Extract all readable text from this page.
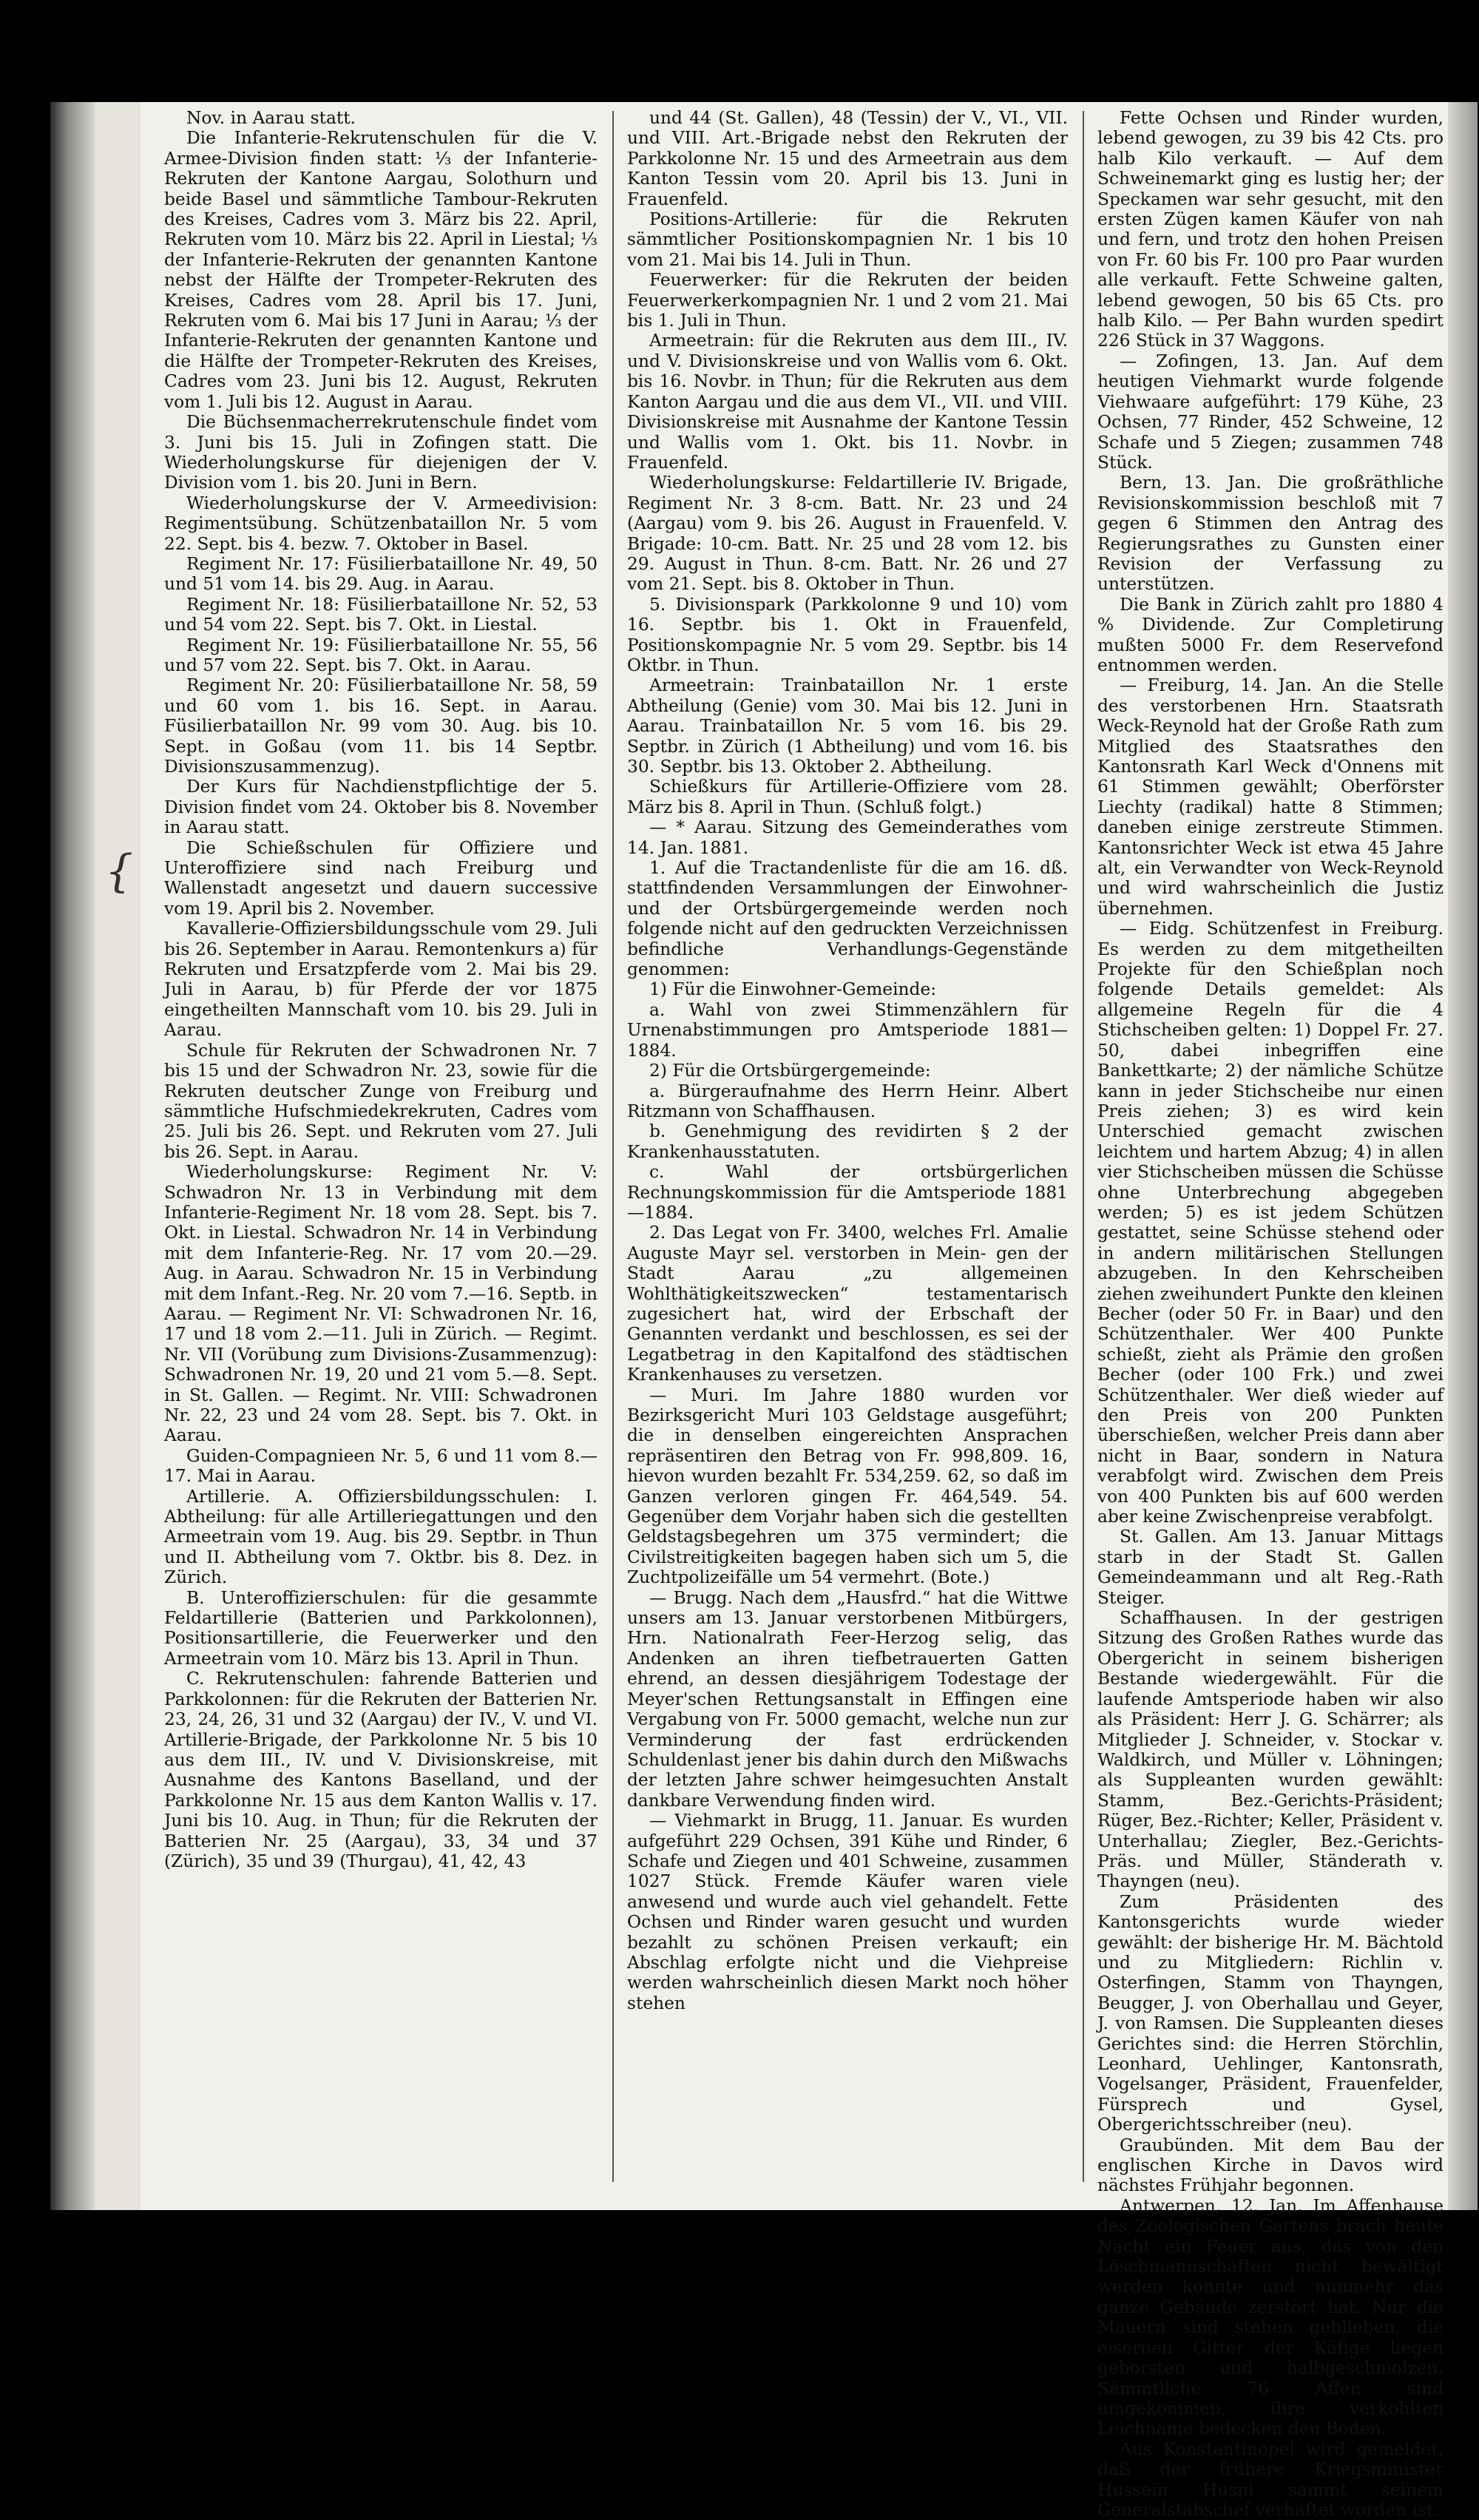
Nov. in Aarau statt.

Die Infanterie-Rekrutenschulen für die V. Armee-Division finden statt: ⅓ der Infanterie-Rekruten der Kantone Aargau, Solothurn und beide Basel und sämmtliche Tambour-Rekruten des Kreises, Cadres vom 3. März bis 22. April, Rekruten vom 10. März bis 22. April in Liestal; ⅓ der Infanterie-Rekruten der genannten Kantone nebst der Hälfte der Trompeter-Rekruten des Kreises, Cadres vom 28. April bis 17. Juni, Rekruten vom 6. Mai bis 17 Juni in Aarau; ⅓ der Infanterie-Rekruten der genannten Kantone und die Hälfte der Trompeter-Rekruten des Kreises, Cadres vom 23. Juni bis 12. August, Rekruten vom 1. Juli bis 12. August in Aarau.

Die Büchsenmacherrekrutenschule findet vom 3. Juni bis 15. Juli in Zofingen statt. Die Wiederholungskurse für diejenigen der V. Division vom 1. bis 20. Juni in Bern.

Wiederholungskurse der V. Armeedivision: Regimentsübung. Schützenbataillon Nr. 5 vom 22. Sept. bis 4. bezw. 7. Oktober in Basel.

Regiment Nr. 17: Füsilierbataillone Nr. 49, 50 und 51 vom 14. bis 29. Aug. in Aarau.

Regiment Nr. 18: Füsilierbataillone Nr. 52, 53 und 54 vom 22. Sept. bis 7. Okt. in Liestal.

Regiment Nr. 19: Füsilierbataillone Nr. 55, 56 und 57 vom 22. Sept. bis 7. Okt. in Aarau.

Regiment Nr. 20: Füsilierbataillone Nr. 58, 59 und 60 vom 1. bis 16. Sept. in Aarau. Füsilierbataillon Nr. 99 vom 30. Aug. bis 10. Sept. in Goßau (vom 11. bis 14 Septbr. Divisionszusammenzug).

Der Kurs für Nachdienstpflichtige der 5. Division findet vom 24. Oktober bis 8. November in Aarau statt.

Die Schießschulen für Offiziere und Unteroffiziere sind nach Freiburg und Wallenstadt angesetzt und dauern successive vom 19. April bis 2. November.

Kavallerie-Offiziersbildungsschule vom 29. Juli bis 26. September in Aarau. Remontenkurs a) für Rekruten und Ersatzpferde vom 2. Mai bis 29. Juli in Aarau, b) für Pferde der vor 1875 eingetheilten Mannschaft vom 10. bis 29. Juli in Aarau.

Schule für Rekruten der Schwadronen Nr. 7 bis 15 und der Schwadron Nr. 23, sowie für die Rekruten deutscher Zunge von Freiburg und sämmtliche Hufschmiedekrekruten, Cadres vom 25. Juli bis 26. Sept. und Rekruten vom 27. Juli bis 26. Sept. in Aarau.

Wiederholungskurse: Regiment Nr. V: Schwadron Nr. 13 in Verbindung mit dem Infanterie-Regiment Nr. 18 vom 28. Sept. bis 7. Okt. in Liestal. Schwadron Nr. 14 in Verbindung mit dem Infanterie-Reg. Nr. 17 vom 20.—29. Aug. in Aarau. Schwadron Nr. 15 in Verbindung mit dem Infant.-Reg. Nr. 20 vom 7.—16. Septb. in Aarau. — Regiment Nr. VI: Schwadronen Nr. 16, 17 und 18 vom 2.—11. Juli in Zürich. — Regimt. Nr. VII (Vorübung zum Divisions-Zusammenzug): Schwadronen Nr. 19, 20 und 21 vom 5.—8. Sept. in St. Gallen. — Regimt. Nr. VIII: Schwadronen Nr. 22, 23 und 24 vom 28. Sept. bis 7. Okt. in Aarau.

Guiden-Compagnieen Nr. 5, 6 und 11 vom 8.—17. Mai in Aarau.

Artillerie. A. Offiziersbildungsschulen: I. Abtheilung: für alle Artilleriegattungen und den Armeetrain vom 19. Aug. bis 29. Septbr. in Thun und II. Abtheilung vom 7. Oktbr. bis 8. Dez. in Zürich.

B. Unteroffizierschulen: für die gesammte Feldartillerie (Batterien und Parkkolonnen), Positionsartillerie, die Feuerwerker und den Armeetrain vom 10. März bis 13. April in Thun.

C. Rekrutenschulen: fahrende Batterien und Parkkolonnen: für die Rekruten der Batterien Nr. 23, 24, 26, 31 und 32 (Aargau) der IV., V. und VI. Artillerie-Brigade, der Parkkolonne Nr. 5 bis 10 aus dem III., IV. und V. Divisionskreise, mit Ausnahme des Kantons Baselland, und der Parkkolonne Nr. 15 aus dem Kanton Wallis v. 17. Juni bis 10. Aug. in Thun; für die Rekruten der Batterien Nr. 25 (Aargau), 33, 34 und 37 (Zürich), 35 und 39 (Thurgau), 41, 42, 43

und 44 (St. Gallen), 48 (Tessin) der V., VI., VII. und VIII. Art.-Brigade nebst den Rekruten der Parkkolonne Nr. 15 und des Armeetrain aus dem Kanton Tessin vom 20. April bis 13. Juni in Frauenfeld.

Positions-Artillerie: für die Rekruten sämmtlicher Positionskompagnien Nr. 1 bis 10 vom 21. Mai bis 14. Juli in Thun.

Feuerwerker: für die Rekruten der beiden Feuerwerkerkompagnien Nr. 1 und 2 vom 21. Mai bis 1. Juli in Thun.

Armeetrain: für die Rekruten aus dem III., IV. und V. Divisionskreise und von Wallis vom 6. Okt. bis 16. Novbr. in Thun; für die Rekruten aus dem Kanton Aargau und die aus dem VI., VII. und VIII. Divisionskreise mit Ausnahme der Kantone Tessin und Wallis vom 1. Okt. bis 11. Novbr. in Frauenfeld.

Wiederholungskurse: Feldartillerie IV. Brigade, Regiment Nr. 3 8-cm. Batt. Nr. 23 und 24 (Aargau) vom 9. bis 26. August in Frauenfeld. V. Brigade: 10-cm. Batt. Nr. 25 und 28 vom 12. bis 29. August in Thun. 8-cm. Batt. Nr. 26 und 27 vom 21. Sept. bis 8. Oktober in Thun.

5. Divisionspark (Parkkolonne 9 und 10) vom 16. Septbr. bis 1. Okt in Frauenfeld, Positionskompagnie Nr. 5 vom 29. Septbr. bis 14 Oktbr. in Thun.

Armeetrain: Trainbataillon Nr. 1 erste Abtheilung (Genie) vom 30. Mai bis 12. Juni in Aarau. Trainbataillon Nr. 5 vom 16. bis 29. Septbr. in Zürich (1 Abtheilung) und vom 16. bis 30. Septbr. bis 13. Oktober 2. Abtheilung.

Schießkurs für Artillerie-Offiziere vom 28. März bis 8. April in Thun. (Schluß folgt.)

— * Aarau. Sitzung des Gemeinderathes vom 14. Jan. 1881.

1. Auf die Tractandenliste für die am 16. dß. stattfindenden Versammlungen der Einwohner- und der Ortsbürgergemeinde werden noch folgende nicht auf den gedruckten Verzeichnissen befindliche Verhandlungs-Gegenstände genommen:

1) Für die Einwohner-Gemeinde:

a. Wahl von zwei Stimmenzählern für Urnenabstimmungen pro Amtsperiode 1881—1884.

2) Für die Ortsbürgergemeinde:

a. Bürgeraufnahme des Herrn Heinr. Albert Ritzmann von Schaffhausen.

b. Genehmigung des revidirten § 2 der Krankenhausstatuten.

c. Wahl der ortsbürgerlichen Rechnungskommission für die Amtsperiode 1881—1884.

2. Das Legat von Fr. 3400, welches Frl. Amalie Auguste Mayr sel. verstorben in Mein- gen der Stadt Aarau „zu allgemeinen Wohlthätigkeitszwecken“ testamentarisch zugesichert hat, wird der Erbschaft der Genannten verdankt und beschlossen, es sei der Legatbetrag in den Kapitalfond des städtischen Krankenhauses zu versetzen.

— Muri. Im Jahre 1880 wurden vor Bezirksgericht Muri 103 Geldstage ausgeführt; die in denselben eingereichten Ansprachen repräsentiren den Betrag von Fr. 998,809. 16, hievon wurden bezahlt Fr. 534,259. 62, so daß im Ganzen verloren gingen Fr. 464,549. 54. Gegenüber dem Vorjahr haben sich die gestellten Geldstagsbegehren um 375 vermindert; die Civilstreitigkeiten bagegen haben sich um 5, die Zuchtpolizeifälle um 54 vermehrt. (Bote.)

— Brugg. Nach dem „Hausfrd.“ hat die Wittwe unsers am 13. Januar verstorbenen Mitbürgers, Hrn. Nationalrath Feer-Herzog selig, das Andenken an ihren tiefbetrauerten Gatten ehrend, an dessen diesjährigem Todestage der Meyer'schen Rettungsanstalt in Effingen eine Vergabung von Fr. 5000 gemacht, welche nun zur Verminderung der fast erdrückenden Schuldenlast jener bis dahin durch den Mißwachs der letzten Jahre schwer heimgesuchten Anstalt dankbare Verwendung finden wird.

— Viehmarkt in Brugg, 11. Januar. Es wurden aufgeführt 229 Ochsen, 391 Kühe und Rinder, 6 Schafe und Ziegen und 401 Schweine, zusammen 1027 Stück. Fremde Käufer waren viele anwesend und wurde auch viel gehandelt. Fette Ochsen und Rinder waren gesucht und wurden bezahlt zu schönen Preisen verkauft; ein Abschlag erfolgte nicht und die Viehpreise werden wahrscheinlich diesen Markt noch höher stehen

Fette Ochsen und Rinder wurden, lebend gewogen, zu 39 bis 42 Cts. pro halb Kilo verkauft. — Auf dem Schweinemarkt ging es lustig her; der Speckamen war sehr gesucht, mit den ersten Zügen kamen Käufer von nah und fern, und trotz den hohen Preisen von Fr. 60 bis Fr. 100 pro Paar wurden alle verkauft. Fette Schweine galten, lebend gewogen, 50 bis 65 Cts. pro halb Kilo. — Per Bahn wurden spedirt 226 Stück in 37 Waggons.

— Zofingen, 13. Jan. Auf dem heutigen Viehmarkt wurde folgende Viehwaare aufgeführt: 179 Kühe, 23 Ochsen, 77 Rinder, 452 Schweine, 12 Schafe und 5 Ziegen; zusammen 748 Stück.

Bern, 13. Jan. Die großräthliche Revisionskommission beschloß mit 7 gegen 6 Stimmen den Antrag des Regierungsrathes zu Gunsten einer Revision der Verfassung zu unterstützen.

Die Bank in Zürich zahlt pro 1880 4 % Dividende. Zur Completirung mußten 5000 Fr. dem Reservefond entnommen werden.

— Freiburg, 14. Jan. An die Stelle des verstorbenen Hrn. Staatsrath Weck-Reynold hat der Große Rath zum Mitglied des Staatsrathes den Kantonsrath Karl Weck d'Onnens mit 61 Stimmen gewählt; Oberförster Liechty (radikal) hatte 8 Stimmen; daneben einige zerstreute Stimmen. Kantonsrichter Weck ist etwa 45 Jahre alt, ein Verwandter von Weck-Reynold und wird wahrscheinlich die Justiz übernehmen.

— Eidg. Schützenfest in Freiburg. Es werden zu dem mitgetheilten Projekte für den Schießplan noch folgende Details gemeldet: Als allgemeine Regeln für die 4 Stichscheiben gelten: 1) Doppel Fr. 27. 50, dabei inbegriffen eine Bankettkarte; 2) der nämliche Schütze kann in jeder Stichscheibe nur einen Preis ziehen; 3) es wird kein Unterschied gemacht zwischen leichtem und hartem Abzug; 4) in allen vier Stichscheiben müssen die Schüsse ohne Unterbrechung abgegeben werden; 5) es ist jedem Schützen gestattet, seine Schüsse stehend oder in andern militärischen Stellungen abzugeben. In den Kehrscheiben ziehen zweihundert Punkte den kleinen Becher (oder 50 Fr. in Baar) und den Schützenthaler. Wer 400 Punkte schießt, zieht als Prämie den großen Becher (oder 100 Frk.) und zwei Schützenthaler. Wer dieß wieder auf den Preis von 200 Punkten überschießen, welcher Preis dann aber nicht in Baar, sondern in Natura verabfolgt wird. Zwischen dem Preis von 400 Punkten bis auf 600 werden aber keine Zwischenpreise verabfolgt.

St. Gallen. Am 13. Januar Mittags starb in der Stadt St. Gallen Gemeindeammann und alt Reg.-Rath Steiger.

Schaffhausen. In der gestrigen Sitzung des Großen Rathes wurde das Obergericht in seinem bisherigen Bestande wiedergewählt. Für die laufende Amtsperiode haben wir also als Präsident: Herr J. G. Schärrer; als Mitglieder J. Schneider, v. Stockar v. Waldkirch, und Müller v. Löhningen; als Suppleanten wurden gewählt: Stamm, Bez.-Gerichts-Präsident; Rüger, Bez.-Richter; Keller, Präsident v. Unterhallau; Ziegler, Bez.-Gerichts-Präs. und Müller, Ständerath v. Thayngen (neu).

Zum Präsidenten des Kantonsgerichts wurde wieder gewählt: der bisherige Hr. M. Bächtold und zu Mitgliedern: Richlin v. Osterfingen, Stamm von Thayngen, Beugger, J. von Oberhallau und Geyer, J. von Ramsen. Die Suppleanten dieses Gerichtes sind: die Herren Störchlin, Leonhard, Uehlinger, Kantonsrath, Vogelsanger, Präsident, Frauenfelder, Fürsprech und Gysel, Obergerichtsschreiber (neu).

Graubünden. Mit dem Bau der englischen Kirche in Davos wird nächstes Frühjahr begonnen.

Antwerpen, 12. Jan. Im Affenhause des Zoologischen Gartens brach heute Nacht ein Feuer aus, das von den Löschmannschaften nicht bewältigt werden konnte und nunmehr das ganze Gebäude zerstört hat. Nur die Mauern sind stehen geblieben, die eisernen Gitter der Käfige liegen geborsten und halbgeschmolzen. Sämmtliche 76 Affen sind umgekommen, ihre verkohlten Leichname bedecken den Boden.

Aus Konstantinopel wird gemeldet, daß der frühere Kriegsminister Hussein Husni sammt seinem Generalstabschef verhaftet worden ist.

{
